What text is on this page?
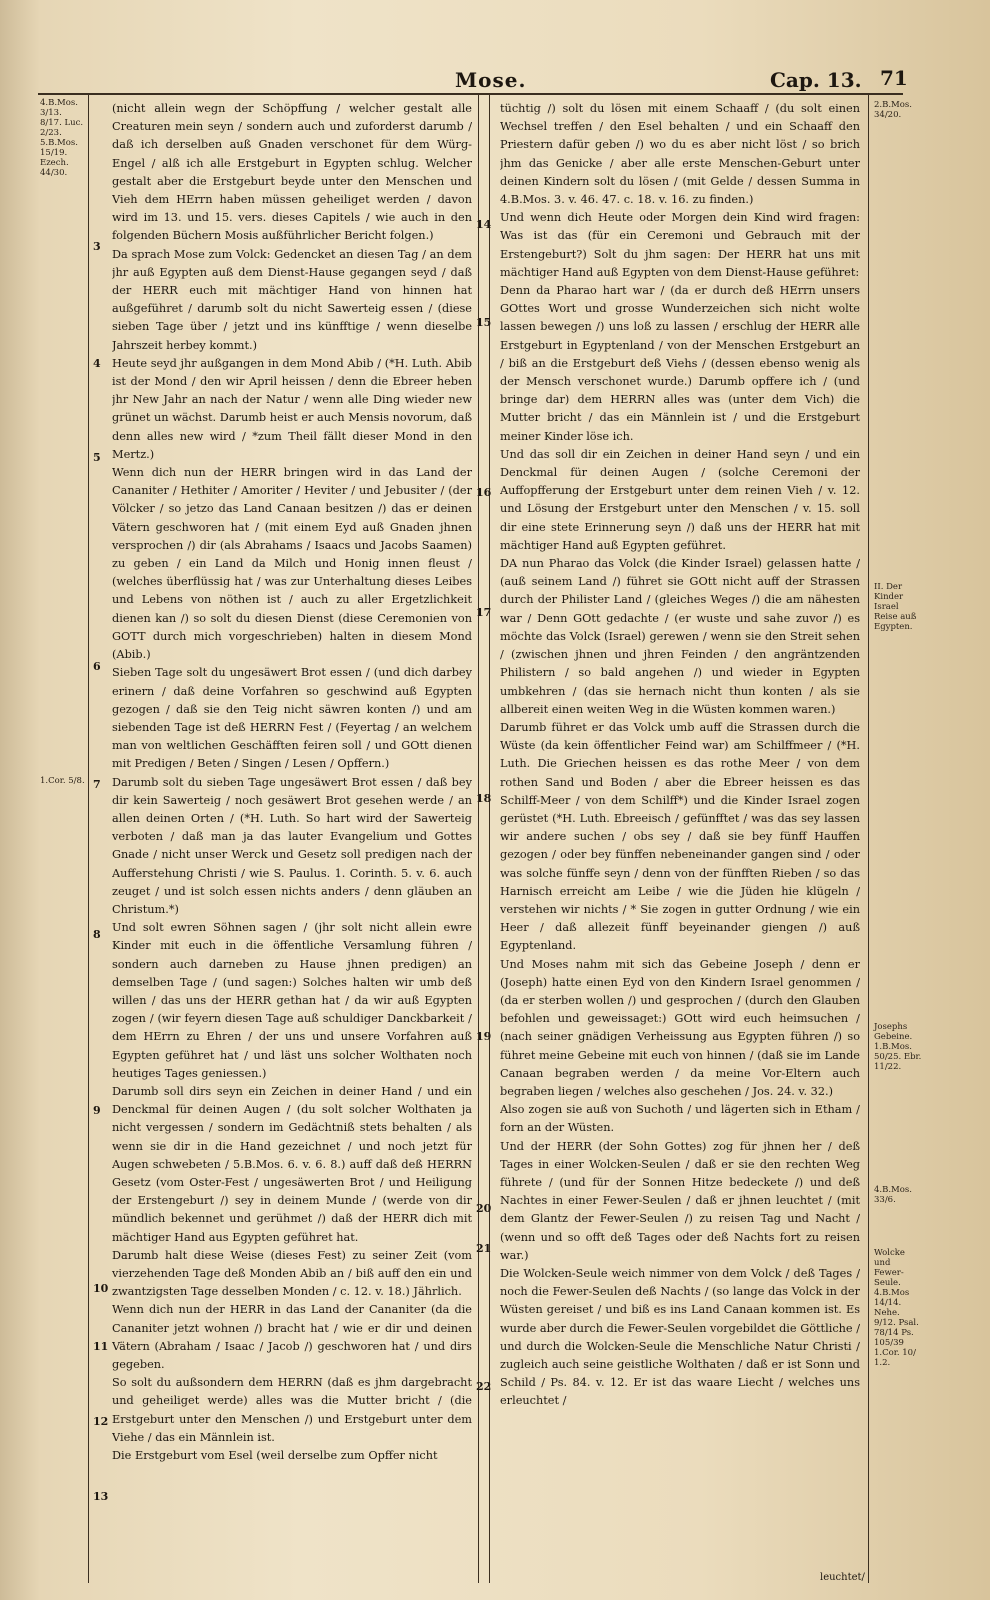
Mose.	Cap. 13. 71
4.B.Mos. 3/13. 8/17. Luc. 2/23. 5.B.Mos. 15/19. Ezech. 44/30.
1.Cor. 5/8.
2.B.Mos. 34/20.
II. Der Kinder Israel Reise auß Egypten.
Josephs Gebeine. 1.B.Mos. 50/25. Ebr. 11/22.
4.B.Mos. 33/6.
Wolcke und Fewer-Seule. 4.B.Mos 14/14. Nehe. 9/12. Psal. 78/14 Ps. 105/39 1.Cor. 10/ 1.2.
3
4
5
6
7
8
9
10
11
12
13
14
15
16
17
18
19
20
21
22

(nicht allein wegn der Schöpffung / welcher gestalt alle Creaturen mein seyn / sondern auch und zuforderst darumb / daß ich derselben auß Gnaden verschonet für dem Würg-Engel / alß ich alle Erstgeburt in Egypten schlug. Welcher gestalt aber die Erstgeburt beyde unter den Menschen und Vieh dem HErrn haben müssen geheiliget werden / davon wird im 13. und 15. vers. dieses Capitels / wie auch in den folgenden Büchern Mosis außführlicher Bericht folgen.)

Da sprach Mose zum Volck: Gedencket an diesen Tag / an dem jhr auß Egypten auß dem Dienst-Hause gegangen seyd / daß der HERR euch mit mächtiger Hand von hinnen hat außgeführet / darumb solt du nicht Sawerteig essen / (diese sieben Tage über / jetzt und ins künfftige / wenn dieselbe Jahrszeit herbey kommt.)

Heute seyd jhr außgangen in dem Mond Abib / (*H. Luth. Abib ist der Mond / den wir April heissen / denn die Ebreer heben jhr New Jahr an nach der Natur / wenn alle Ding wieder new grünet un wächst. Darumb heist er auch Mensis novorum, daß denn alles new wird / *zum Theil fällt dieser Mond in den Mertz.)

Wenn dich nun der HERR bringen wird in das Land der Cananiter / Hethiter / Amoriter / Heviter / und Jebusiter / (der Völcker / so jetzo das Land Canaan besitzen /) das er deinen Vätern geschworen hat / (mit einem Eyd auß Gnaden jhnen versprochen /) dir (als Abrahams / Isaacs und Jacobs Saamen) zu geben / ein Land da Milch und Honig innen fleust / (welches überflüssig hat / was zur Unterhaltung dieses Leibes und Lebens von nöthen ist / auch zu aller Ergetzlichkeit dienen kan /) so solt du diesen Dienst (diese Ceremonien von GOTT durch mich vorgeschrieben) halten in diesem Mond (Abib.)

Sieben Tage solt du ungesäwert Brot essen / (und dich darbey erinern / daß deine Vorfahren so geschwind auß Egypten gezogen / daß sie den Teig nicht säwren konten /) und am siebenden Tage ist deß HERRN Fest / (Feyertag / an welchem man von weltlichen Geschäfften feiren soll / und GOtt dienen mit Predigen / Beten / Singen / Lesen / Opffern.)

Darumb solt du sieben Tage ungesäwert Brot essen / daß bey dir kein Sawerteig / noch gesäwert Brot gesehen werde / an allen deinen Orten / (*H. Luth. So hart wird der Sawerteig verboten / daß man ja das lauter Evangelium und Gottes Gnade / nicht unser Werck und Gesetz soll predigen nach der Aufferstehung Christi / wie S. Paulus. 1. Corinth. 5. v. 6. auch zeuget / und ist solch essen nichts anders / denn gläuben an Christum.*)

Und solt ewren Söhnen sagen / (jhr solt nicht allein ewre Kinder mit euch in die öffentliche Versamlung führen / sondern auch darneben zu Hause jhnen predigen) an demselben Tage / (und sagen:) Solches halten wir umb deß willen / das uns der HERR gethan hat / da wir auß Egypten zogen / (wir feyern diesen Tage auß schuldiger Danckbarkeit / dem HErrn zu Ehren / der uns und unsere Vorfahren auß Egypten geführet hat / und läst uns solcher Wolthaten noch heutiges Tages geniessen.)

Darumb soll dirs seyn ein Zeichen in deiner Hand / und ein Denckmal für deinen Augen / (du solt solcher Wolthaten ja nicht vergessen / sondern im Gedächtniß stets behalten / als wenn sie dir in die Hand gezeichnet / und noch jetzt für Augen schwebeten / 5.B.Mos. 6. v. 6. 8.) auff daß deß HERRN Gesetz (vom Oster-Fest / ungesäwerten Brot / und Heiligung der Erstengeburt /) sey in deinem Munde / (werde von dir mündlich bekennet und gerühmet /) daß der HERR dich mit mächtiger Hand aus Egypten geführet hat.

Darumb halt diese Weise (dieses Fest) zu seiner Zeit (vom vierzehenden Tage deß Monden Abib an / biß auff den ein und zwantzigsten Tage desselben Monden / c. 12. v. 18.) Jährlich.

Wenn dich nun der HERR in das Land der Cananiter (da die Cananiter jetzt wohnen /) bracht hat / wie er dir und deinen Vätern (Abraham / Isaac / Jacob /) geschworen hat / und dirs gegeben.

So solt du außsondern dem HERRN (daß es jhm dargebracht und geheiliget werde) alles was die Mutter bricht / (die Erstgeburt unter den Menschen /) und Erstgeburt unter dem Viehe / das ein Männlein ist.

Die Erstgeburt vom Esel (weil derselbe zum Opffer nicht

tüchtig /) solt du lösen mit einem Schaaff / (du solt einen Wechsel treffen / den Esel behalten / und ein Schaaff den Priestern dafür geben /) wo du es aber nicht löst / so brich jhm das Genicke / aber alle erste Menschen-Geburt unter deinen Kindern solt du lösen / (mit Gelde / dessen Summa in 4.B.Mos. 3. v. 46. 47. c. 18. v. 16. zu finden.)

Und wenn dich Heute oder Morgen dein Kind wird fragen: Was ist das (für ein Ceremoni und Gebrauch mit der Erstengeburt?) Solt du jhm sagen: Der HERR hat uns mit mächtiger Hand auß Egypten von dem Dienst-Hause geführet:

Denn da Pharao hart war / (da er durch deß HErrn unsers GOttes Wort und grosse Wunderzeichen sich nicht wolte lassen bewegen /) uns loß zu lassen / erschlug der HERR alle Erstgeburt in Egyptenland / von der Menschen Erstgeburt an / biß an die Erstgeburt deß Viehs / (dessen ebenso wenig als der Mensch verschonet wurde.) Darumb opffere ich / (und bringe dar) dem HERRN alles was (unter dem Vich) die Mutter bricht / das ein Männlein ist / und die Erstgeburt meiner Kinder löse ich.

Und das soll dir ein Zeichen in deiner Hand seyn / und ein Denckmal für deinen Augen / (solche Ceremoni der Auffopfferung der Erstgeburt unter dem reinen Vieh / v. 12. und Lösung der Erstgeburt unter den Menschen / v. 15. soll dir eine stete Erinnerung seyn /) daß uns der HERR hat mit mächtiger Hand auß Egypten geführet.

DA nun Pharao das Volck (die Kinder Israel) gelassen hatte / (auß seinem Land /) führet sie GOtt nicht auff der Strassen durch der Philister Land / (gleiches Weges /) die am nähesten war / Denn GOtt gedachte / (er wuste und sahe zuvor /) es möchte das Volck (Israel) gerewen / wenn sie den Streit sehen / (zwischen jhnen und jhren Feinden / den angräntzenden Philistern / so bald angehen /) und wieder in Egypten umbkehren / (das sie hernach nicht thun konten / als sie allbereit einen weiten Weg in die Wüsten kommen waren.)

Darumb führet er das Volck umb auff die Strassen durch die Wüste (da kein öffentlicher Feind war) am Schilffmeer / (*H. Luth. Die Griechen heissen es das rothe Meer / von dem rothen Sand und Boden / aber die Ebreer heissen es das Schilff-Meer / von dem Schilff*) und die Kinder Israel zogen gerüstet (*H. Luth. Ebreeisch / gefünfftet / was das sey lassen wir andere suchen / obs sey / daß sie bey fünff Hauffen gezogen / oder bey fünffen nebeneinander gangen sind / oder was solche fünffe seyn / denn von der fünfften Rieben / so das Harnisch erreicht am Leibe / wie die Jüden hie klügeln / verstehen wir nichts / * Sie zogen in gutter Ordnung / wie ein Heer / daß allezeit fünff beyeinander giengen /) auß Egyptenland.

Und Moses nahm mit sich das Gebeine Joseph / denn er (Joseph) hatte einen Eyd von den Kindern Israel genommen / (da er sterben wollen /) und gesprochen / (durch den Glauben befohlen und geweissaget:) GOtt wird euch heimsuchen / (nach seiner gnädigen Verheissung aus Egypten führen /) so führet meine Gebeine mit euch von hinnen / (daß sie im Lande Canaan begraben werden / da meine Vor-Eltern auch begraben liegen / welches also geschehen / Jos. 24. v. 32.)

Also zogen sie auß von Suchoth / und lägerten sich in Etham / forn an der Wüsten.

Und der HERR (der Sohn Gottes) zog für jhnen her / deß Tages in einer Wolcken-Seulen / daß er sie den rechten Weg führete / (und für der Sonnen Hitze bedeckete /) und deß Nachtes in einer Fewer-Seulen / daß er jhnen leuchtet / (mit dem Glantz der Fewer-Seulen /) zu reisen Tag und Nacht / (wenn und so offt deß Tages oder deß Nachts fort zu reisen war.)

Die Wolcken-Seule weich nimmer von dem Volck / deß Tages / noch die Fewer-Seulen deß Nachts / (so lange das Volck in der Wüsten gereiset / und biß es ins Land Canaan kommen ist. Es wurde aber durch die Fewer-Seulen vorgebildet die Göttliche / und durch die Wolcken-Seule die Menschliche Natur Christi / zugleich auch seine geistliche Wolthaten / daß er ist Sonn und Schild / Ps. 84. v. 12. Er ist das waare Liecht / welches uns erleuchtet /

leuchtet/
